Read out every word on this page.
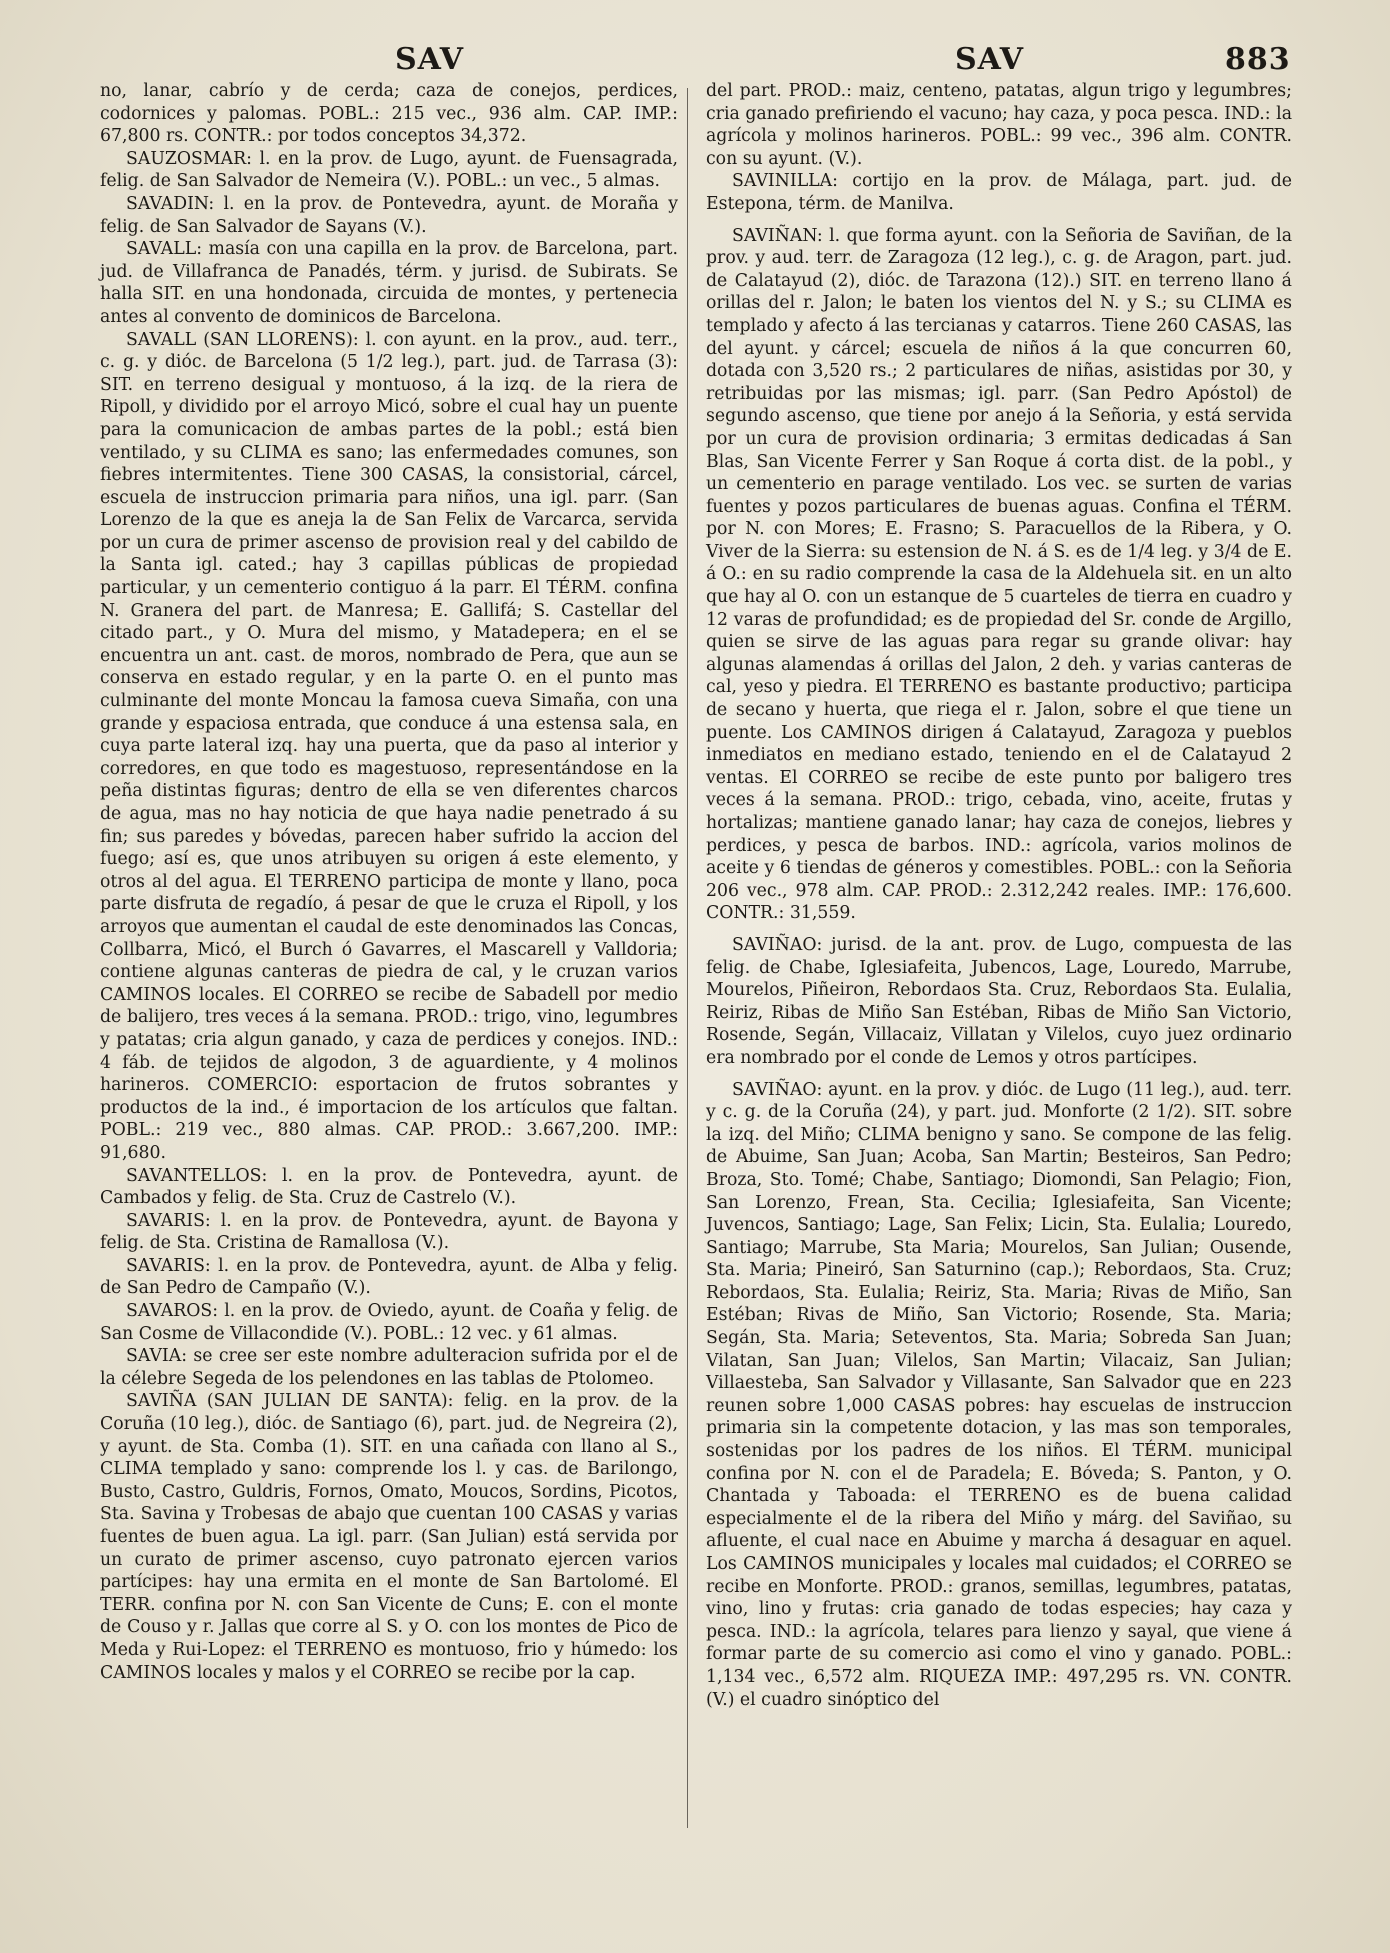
SAV	SAV	883

no, lanar, cabrío y de cerda; caza de conejos, perdices, codornices y palomas. POBL.: 215 vec., 936 alm. CAP. IMP.: 67,800 rs. CONTR.: por todos conceptos 34,372.

SAUZOSMAR: l. en la prov. de Lugo, ayunt. de Fuensagrada, felig. de San Salvador de Nemeira (V.). POBL.: un vec., 5 almas.

SAVADIN: l. en la prov. de Pontevedra, ayunt. de Moraña y felig. de San Salvador de Sayans (V.).

SAVALL: masía con una capilla en la prov. de Barcelona, part. jud. de Villafranca de Panadés, térm. y jurisd. de Subirats. Se halla SIT. en una hondonada, circuida de montes, y pertenecia antes al convento de dominicos de Barcelona.

SAVALL (SAN LLORENS): l. con ayunt. en la prov., aud. terr., c. g. y dióc. de Barcelona (5 1/2 leg.), part. jud. de Tarrasa (3): SIT. en terreno desigual y montuoso, á la izq. de la riera de Ripoll, y dividido por el arroyo Micó, sobre el cual hay un puente para la comunicacion de ambas partes de la pobl.; está bien ventilado, y su CLIMA es sano; las enfermedades comunes, son fiebres intermitentes. Tiene 300 CASAS, la consistorial, cárcel, escuela de instruccion primaria para niños, una igl. parr. (San Lorenzo de la que es aneja la de San Felix de Varcarca, servida por un cura de primer ascenso de provision real y del cabildo de la Santa igl. cated.; hay 3 capillas públicas de propiedad particular, y un cementerio contiguo á la parr. El TÉRM. confina N. Granera del part. de Manresa; E. Gallifá; S. Castellar del citado part., y O. Mura del mismo, y Matadepera; en el se encuentra un ant. cast. de moros, nombrado de Pera, que aun se conserva en estado regular, y en la parte O. en el punto mas culminante del monte Moncau la famosa cueva Simaña, con una grande y espaciosa entrada, que conduce á una estensa sala, en cuya parte lateral izq. hay una puerta, que da paso al interior y corredores, en que todo es magestuoso, representándose en la peña distintas figuras; dentro de ella se ven diferentes charcos de agua, mas no hay noticia de que haya nadie penetrado á su fin; sus paredes y bóvedas, parecen haber sufrido la accion del fuego; así es, que unos atribuyen su origen á este elemento, y otros al del agua. El TERRENO participa de monte y llano, poca parte disfruta de regadío, á pesar de que le cruza el Ripoll, y los arroyos que aumentan el caudal de este denominados las Concas, Collbarra, Micó, el Burch ó Gavarres, el Mascarell y Valldoria; contiene algunas canteras de piedra de cal, y le cruzan varios CAMINOS locales. El CORREO se recibe de Sabadell por medio de balijero, tres veces á la semana. PROD.: trigo, vino, legumbres y patatas; cria algun ganado, y caza de perdices y conejos. IND.: 4 fáb. de tejidos de algodon, 3 de aguardiente, y 4 molinos harineros. COMERCIO: esportacion de frutos sobrantes y productos de la ind., é importacion de los artículos que faltan. POBL.: 219 vec., 880 almas. CAP. PROD.: 3.667,200. IMP.: 91,680.

SAVANTELLOS: l. en la prov. de Pontevedra, ayunt. de Cambados y felig. de Sta. Cruz de Castrelo (V.).

SAVARIS: l. en la prov. de Pontevedra, ayunt. de Bayona y felig. de Sta. Cristina de Ramallosa (V.).

SAVARIS: l. en la prov. de Pontevedra, ayunt. de Alba y felig. de San Pedro de Campaño (V.).

SAVAROS: l. en la prov. de Oviedo, ayunt. de Coaña y felig. de San Cosme de Villacondide (V.). POBL.: 12 vec. y 61 almas.

SAVIA: se cree ser este nombre adulteracion sufrida por el de la célebre Segeda de los pelendones en las tablas de Ptolomeo.

SAVIÑA (SAN JULIAN DE SANTA): felig. en la prov. de la Coruña (10 leg.), dióc. de Santiago (6), part. jud. de Negreira (2), y ayunt. de Sta. Comba (1). SIT. en una cañada con llano al S., CLIMA templado y sano: comprende los l. y cas. de Barilongo, Busto, Castro, Guldris, Fornos, Omato, Moucos, Sordins, Picotos, Sta. Savina y Trobesas de abajo que cuentan 100 CASAS y varias fuentes de buen agua. La igl. parr. (San Julian) está servida por un curato de primer ascenso, cuyo patronato ejercen varios partícipes: hay una ermita en el monte de San Bartolomé. El TERR. confina por N. con San Vicente de Cuns; E. con el monte de Couso y r. Jallas que corre al S. y O. con los montes de Pico de Meda y Rui-Lopez: el TERRENO es montuoso, frio y húmedo: los CAMINOS locales y malos y el CORREO se recibe por la cap.

del part. PROD.: maiz, centeno, patatas, algun trigo y legumbres; cria ganado prefiriendo el vacuno; hay caza, y poca pesca. IND.: la agrícola y molinos harineros. POBL.: 99 vec., 396 alm. CONTR. con su ayunt. (V.).

SAVINILLA: cortijo en la prov. de Málaga, part. jud. de Estepona, térm. de Manilva.

SAVIÑAN: l. que forma ayunt. con la Señoria de Saviñan, de la prov. y aud. terr. de Zaragoza (12 leg.), c. g. de Aragon, part. jud. de Calatayud (2), dióc. de Tarazona (12).) SIT. en terreno llano á orillas del r. Jalon; le baten los vientos del N. y S.; su CLIMA es templado y afecto á las tercianas y catarros. Tiene 260 CASAS, las del ayunt. y cárcel; escuela de niños á la que concurren 60, dotada con 3,520 rs.; 2 particulares de niñas, asistidas por 30, y retribuidas por las mismas; igl. parr. (San Pedro Apóstol) de segundo ascenso, que tiene por anejo á la Señoria, y está servida por un cura de provision ordinaria; 3 ermitas dedicadas á San Blas, San Vicente Ferrer y San Roque á corta dist. de la pobl., y un cementerio en parage ventilado. Los vec. se surten de varias fuentes y pozos particulares de buenas aguas. Confina el TÉRM. por N. con Mores; E. Frasno; S. Paracuellos de la Ribera, y O. Viver de la Sierra: su estension de N. á S. es de 1/4 leg. y 3/4 de E. á O.: en su radio comprende la casa de la Aldehuela sit. en un alto que hay al O. con un estanque de 5 cuarteles de tierra en cuadro y 12 varas de profundidad; es de propiedad del Sr. conde de Argillo, quien se sirve de las aguas para regar su grande olivar: hay algunas alamendas á orillas del Jalon, 2 deh. y varias canteras de cal, yeso y piedra. El TERRENO es bastante productivo; participa de secano y huerta, que riega el r. Jalon, sobre el que tiene un puente. Los CAMINOS dirigen á Calatayud, Zaragoza y pueblos inmediatos en mediano estado, teniendo en el de Calatayud 2 ventas. El CORREO se recibe de este punto por baligero tres veces á la semana. PROD.: trigo, cebada, vino, aceite, frutas y hortalizas; mantiene ganado lanar; hay caza de conejos, liebres y perdices, y pesca de barbos. IND.: agrícola, varios molinos de aceite y 6 tiendas de géneros y comestibles. POBL.: con la Señoria 206 vec., 978 alm. CAP. PROD.: 2.312,242 reales. IMP.: 176,600. CONTR.: 31,559.

SAVIÑAO: jurisd. de la ant. prov. de Lugo, compuesta de las felig. de Chabe, Iglesiafeita, Jubencos, Lage, Louredo, Marrube, Mourelos, Piñeiron, Rebordaos Sta. Cruz, Rebordaos Sta. Eulalia, Reiriz, Ribas de Miño San Estéban, Ribas de Miño San Victorio, Rosende, Segán, Villacaiz, Villatan y Vilelos, cuyo juez ordinario era nombrado por el conde de Lemos y otros partícipes.

SAVIÑAO: ayunt. en la prov. y dióc. de Lugo (11 leg.), aud. terr. y c. g. de la Coruña (24), y part. jud. Monforte (2 1/2). SIT. sobre la izq. del Miño; CLIMA benigno y sano. Se compone de las felig. de Abuime, San Juan; Acoba, San Martin; Besteiros, San Pedro; Broza, Sto. Tomé; Chabe, Santiago; Diomondi, San Pelagio; Fion, San Lorenzo, Frean, Sta. Cecilia; Iglesiafeita, San Vicente; Juvencos, Santiago; Lage, San Felix; Licin, Sta. Eulalia; Louredo, Santiago; Marrube, Sta Maria; Mourelos, San Julian; Ousende, Sta. Maria; Pineiró, San Saturnino (cap.); Rebordaos, Sta. Cruz; Rebordaos, Sta. Eulalia; Reiriz, Sta. Maria; Rivas de Miño, San Estéban; Rivas de Miño, San Victorio; Rosende, Sta. Maria; Segán, Sta. Maria; Seteventos, Sta. Maria; Sobreda San Juan; Vilatan, San Juan; Vilelos, San Martin; Vilacaiz, San Julian; Villaesteba, San Salvador y Villasante, San Salvador que en 223 reunen sobre 1,000 CASAS pobres: hay escuelas de instruccion primaria sin la competente dotacion, y las mas son temporales, sostenidas por los padres de los niños. El TÉRM. municipal confina por N. con el de Paradela; E. Bóveda; S. Panton, y O. Chantada y Taboada: el TERRENO es de buena calidad especialmente el de la ribera del Miño y márg. del Saviñao, su afluente, el cual nace en Abuime y marcha á desaguar en aquel. Los CAMINOS municipales y locales mal cuidados; el CORREO se recibe en Monforte. PROD.: granos, semillas, legumbres, patatas, vino, lino y frutas: cria ganado de todas especies; hay caza y pesca. IND.: la agrícola, telares para lienzo y sayal, que viene á formar parte de su comercio asi como el vino y ganado. POBL.: 1,134 vec., 6,572 alm. RIQUEZA IMP.: 497,295 rs. VN. CONTR. (V.) el cuadro sinóptico del
